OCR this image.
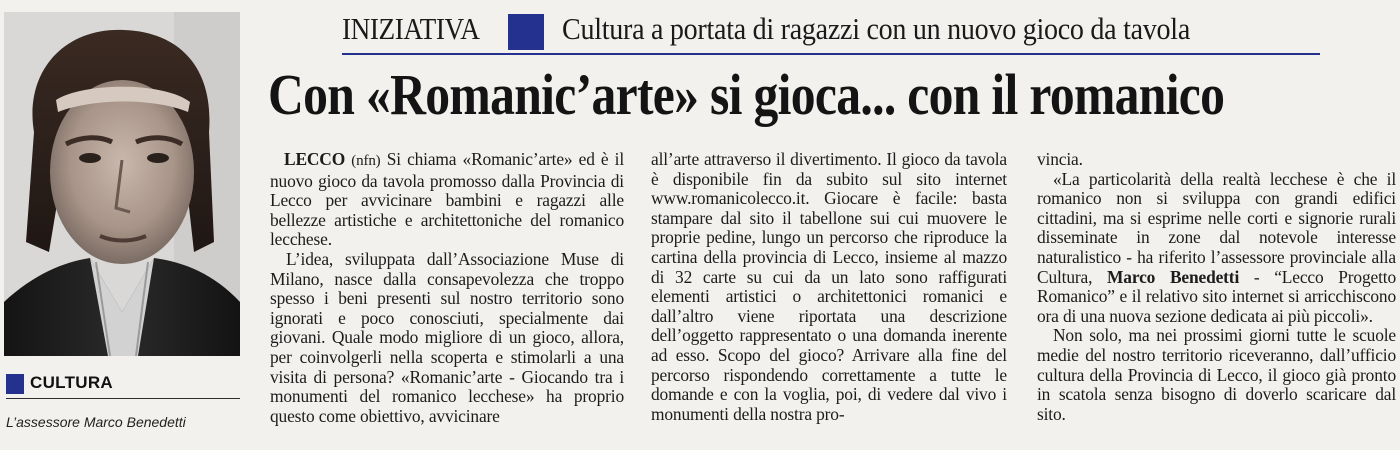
CULTURA
L’assessore Marco Benedetti
INIZIATIVA	Cultura a portata di ragazzi con un nuovo gioco da tavola
Con «Romanic’arte» si gioca... con il romanico

LECCO (nfn) Si chiama «Romanic’arte» ed è il nuovo gioco da tavola promosso dalla Provincia di Lecco per avvicinare bambini e ragazzi alle bellezze artistiche e architettoniche del romanico lecchese.

L’idea, sviluppata dall’Associazione Muse di Milano, nasce dalla consapevolezza che troppo spesso i beni presenti sul nostro territorio sono ignorati e poco conosciuti, specialmente dai giovani. Quale modo migliore di un gioco, allora, per coinvolgerli nella scoperta e stimolarli a una visita di persona? «Romanic’arte - Giocando tra i monumenti del romanico lecchese» ha proprio questo come obiettivo, avvicinare

all’arte attraverso il divertimento. Il gioco da tavola è disponibile fin da subito sul sito internet www.romanicolecco.it. Giocare è facile: basta stampare dal sito il tabellone sui cui muovere le proprie pedine, lungo un percorso che riproduce la cartina della provincia di Lecco, insieme al mazzo di 32 carte su cui da un lato sono raffigurati elementi artistici o architettonici romanici e dall’altro viene riportata una descrizione dell’oggetto rappresentato o una domanda inerente ad esso. Scopo del gioco? Arrivare alla fine del percorso rispondendo correttamente a tutte le domande e con la voglia, poi, di vedere dal vivo i monumenti della nostra pro-

vincia.

«La particolarità della realtà lecchese è che il romanico non si sviluppa con grandi edifici cittadini, ma si esprime nelle corti e signorie rurali disseminate in zone dal notevole interesse naturalistico - ha riferito l’assessore provinciale alla Cultura, Marco Benedetti - “Lecco Progetto Romanico” e il relativo sito internet si arricchiscono ora di una nuova sezione dedicata ai più piccoli».

Non solo, ma nei prossimi giorni tutte le scuole medie del nostro territorio riceveranno, dall’ufficio cultura della Provincia di Lecco, il gioco già pronto in scatola senza bisogno di doverlo scaricare dal sito.
